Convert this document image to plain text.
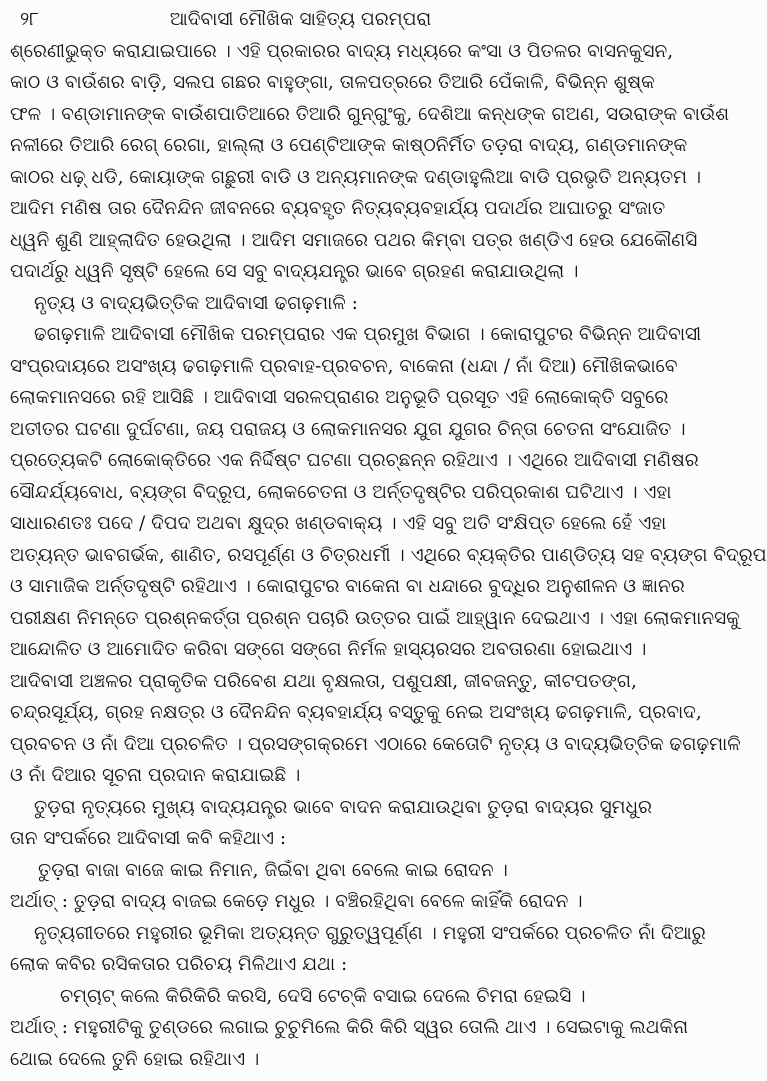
୨୮	ଆଦିବାସୀ ମୌଖିକ ସାହିତ୍ୟ ପରମ୍ପରା
ଶ୍ରେଣୀଭୁକ୍ତ କରାଯାଇପାରେ । ଏହି ପ୍ରକାରର ବାଦ୍ୟ ମଧ୍ୟରେ କଂସା ଓ ପିତଳର ବାସନକୁସନ,
କାଠ ଓ ବାଉଁଶର ବାଡ଼ି, ସଲପ ଗଛର ବାହୁଙ୍ଗା, ତାଳପତ୍ରରେ ତିଆରି ପେଁକାଳି, ବିଭିନ୍ନ ଶୁଷ୍କ
ଫଳ । ବଣ୍ଡାମାନଙ୍କ ବାଉଁଶପାତିଆରେ ତିଆରି ଗୁନ୍ଗୁଂକୁ, ଦେଶିଆ କନ୍ଧଙ୍କ ଗଅଣ, ସଉରାଙ୍କ ବାଉଁଶ
ନଳୀରେ ତିଆରି ରେଗ୍ ରେଗା, ହାଲ୍ଲା ଓ ପେଣ୍ଟିଆଙ୍କ କାଷ୍ଠନିର୍ମିତ ତଡ଼ରା ବାଦ୍ୟ, ଗଣ୍ଡମାନଙ୍କ
କାଠର ଧଢ଼୍ ଧଡି, କୋୟାଙ୍କ ଗଛୁରୀ ବାଡି ଓ ଅନ୍ୟମାନଙ୍କ ଦଣ୍ଡାହୁଲିଆ ବାଡି ପ୍ରଭୃତି ଅନ୍ୟତମ ।
ଆଦିମ ମଣିଷ ତାର ଦୈନନ୍ଦିନ ଜୀବନରେ ବ୍ୟବହୃତ ନିତ୍ୟବ୍ୟବହାର୍ଯ୍ୟ ପଦାର୍ଥର ଆଘାତରୁ ସଂଜାତ
ଧ୍ୱନି ଶୁଣି ଆହ୍ଲାଦିତ ହେଉଥିଲା । ଆଦିମ ସମାଜରେ ପଥର କିମ୍ବା ପତ୍ର ଖଣ୍ଡିଏ ହେଉ ଯେକୌଣସି
ପଦାର୍ଥରୁ ଧ୍ୱନି ସୃଷ୍ଟି ହେଲେ ସେ ସବୁ ବାଦ୍ୟଯନ୍ତ୍ର ଭାବେ ଗ୍ରହଣ କରାଯାଉଥିଲା ।
ନୃତ୍ୟ ଓ ବାଦ୍ୟଭିତ୍ତିକ ଆଦିବାସୀ ଢଗଢ଼ମାଳି :
ଢଗଢ଼ମାଳି ଆଦିବାସୀ ମୌଖିକ ପରମ୍ପରାର ଏକ ପ୍ରମୁଖ ବିଭାଗ । କୋରାପୁଟର ବିଭିନ୍ନ ଆଦିବାସୀ
ସଂପ୍ରଦାୟରେ ଅସଂଖ୍ୟ ଢଗଢ଼ମାଳି ପ୍ରବାହ-ପ୍ରବଚନ, ବାକେନା (ଧନ୍ଦା / ନାଁ ଦିଆ) ମୌଖିକଭାବେ
ଲୋକମାନସରେ ରହି ଆସିଛି । ଆଦିବାସୀ ସରଳପ୍ରାଣର ଅନୁଭୂତି ପ୍ରସୂତ ଏହି ଲୋକୋକ୍ତି ସବୁରେ
ଅତୀତର ଘଟଣା ଦୁର୍ଘଟଣା, ଜୟ ପରାଜୟ ଓ ଲୋକମାନସର ଯୁଗ ଯୁଗର ଚିନ୍ତା ଚେତନା ସଂଯୋଜିତ ।
ପ୍ରତ୍ୟେକଟି ଲୋକୋକ୍ତିରେ ଏକ ନିର୍ଦ୍ଦିଷ୍ଟ ଘଟଣା ପ୍ରଚ୍ଛନ୍ନ ରହିଥାଏ । ଏଥିରେ ଆଦିବାସୀ ମଣିଷର
ସୌନ୍ଦର୍ଯ୍ୟବୋଧ, ବ୍ୟଙ୍ଗ ବିଦ୍ରୂପ, ଲୋକଚେତନା ଓ ଅର୍ନ୍ତଦୃଷ୍ଟିର ପରିପ୍ରକାଶ ଘଟିଥାଏ । ଏହା
ସାଧାରଣତଃ ପଦେ / ଦିପଦ ଅଥବା କ୍ଷୁଦ୍ର ଖଣ୍ଡବାକ୍ୟ । ଏହି ସବୁ ଅତି ସଂକ୍ଷିପ୍ତ ହେଲେ ହେଁ ଏହା
ଅତ୍ୟନ୍ତ ଭାବଗର୍ଭକ, ଶାଣିତ, ରସପୂର୍ଣ୍ଣ ଓ ଚିତ୍ରଧର୍ମୀ । ଏଥିରେ ବ୍ୟକ୍ତିର ପାଣ୍ଡିତ୍ୟ ସହ ବ୍ୟଙ୍ଗ ବିଦ୍ରୂପ
ଓ ସାମାଜିକ ଅର୍ନ୍ତଦୃଷ୍ଟି ରହିଥାଏ । କୋରାପୁଟର ବାକେନା ବା ଧନ୍ଦାରେ ବୁଦ୍ଧିର ଅନୁଶୀଳନ ଓ ଜ୍ଞାନର
ପରୀକ୍ଷଣ ନିମନ୍ତେ ପ୍ରଶ୍ନକର୍ତ୍ତା ପ୍ରଶ୍ନ ପଚାରି ଉତ୍ତର ପାଇଁ ଆହ୍ୱାନ ଦେଇଥାଏ । ଏହା ଲୋକମାନସକୁ
ଆନ୍ଦୋଳିତ ଓ ଆମୋଦିତ କରିବା ସଙ୍ଗେ ସଙ୍ଗେ ନିର୍ମଳ ହାସ୍ୟରସର ଅବତାରଣା ହୋଇଥାଏ ।
ଆଦିବାସୀ ଅଞ୍ଚଳର ପ୍ରାକୃତିକ ପରିବେଶ ଯଥା ବୃକ୍ଷଲତା, ପଶୁପକ୍ଷୀ, ଜୀବଜନ୍ତୁ, କୀଟପତଙ୍ଗ,
ଚନ୍ଦ୍ରସୂର୍ଯ୍ୟ, ଗ୍ରହ ନକ୍ଷତ୍ର ଓ ଦୈନନ୍ଦିନ ବ୍ୟବହାର୍ଯ୍ୟ ବସ୍ତୁକୁ ନେଇ ଅସଂଖ୍ୟ ଢଗଢ଼ମାଳି, ପ୍ରବାଦ,
ପ୍ରବଚନ ଓ ନାଁ ଦିଆ ପ୍ରଚଳିତ । ପ୍ରସଙ୍ଗକ୍ରମେ ଏଠାରେ କେତୋଟି ନୃତ୍ୟ ଓ ବାଦ୍ୟଭିତ୍ତିକ ଢଗଢ଼ମାଳି
ଓ ନାଁ ଦିଆର ସୂଚନା ପ୍ରଦାନ କରାଯାଇଛି ।
ତୁଡ଼ରା ନୃତ୍ୟରେ ମୁଖ୍ୟ ବାଦ୍ୟଯନ୍ତ୍ର ଭାବେ ବାଦନ କରାଯାଉଥିବା ତୁଡ଼ରା ବାଦ୍ୟର ସୁମଧୁର
ତାନ ସଂପର୍କରେ ଆଦିବାସୀ କବି କହିଥାଏ :
ତୁଡ଼ରା ବାଜା ବାଜେ କାଇ ନିମାନ, ଜିଇଁବା ଥିବା ବେଲେ କାଇ ରୋଦନ ।
ଅର୍ଥାତ୍ : ତୁଡ଼ରା ବାଦ୍ୟ ବାଜଇ କେଡ଼େ ମଧୁର । ବଞ୍ଚିରହିଥିବା ବେଳେ କାହିଁକି ରୋଦନ ।
ନୃତ୍ୟଗୀତରେ ମହୁରୀର ଭୂମିକା ଅତ୍ୟନ୍ତ ଗୁରୁତ୍ୱପୂର୍ଣ୍ଣ । ମହୁରୀ ସଂପର୍କରେ ପ୍ରଚଳିତ ନାଁ ଦିଆରୁ
ଲୋକ କବିର ରସିକତାର ପରିଚୟ ମିଳିଥାଏ ଯଥା :
ଚମ୍ଚାଟ୍ କଲେ କିରିକିରି କରସି, ଦେସି ଟେଚ୍କି ବସାଇ ଦେଲେ ଚିମରା ହେଇସି ।
ଅର୍ଥାତ୍ : ମହୁରୀଟିକୁ ତୁଣ୍ଡରେ ଲଗାଇ ଚୁଚୁମିଲେ କିରି କିରି ସ୍ୱର ତୋଲି ଥାଏ । ସେଇଟାକୁ ଲଥକିନା
ଥୋଇ ଦେଲେ ତୁନି ହୋଇ ରହିଥାଏ ।
